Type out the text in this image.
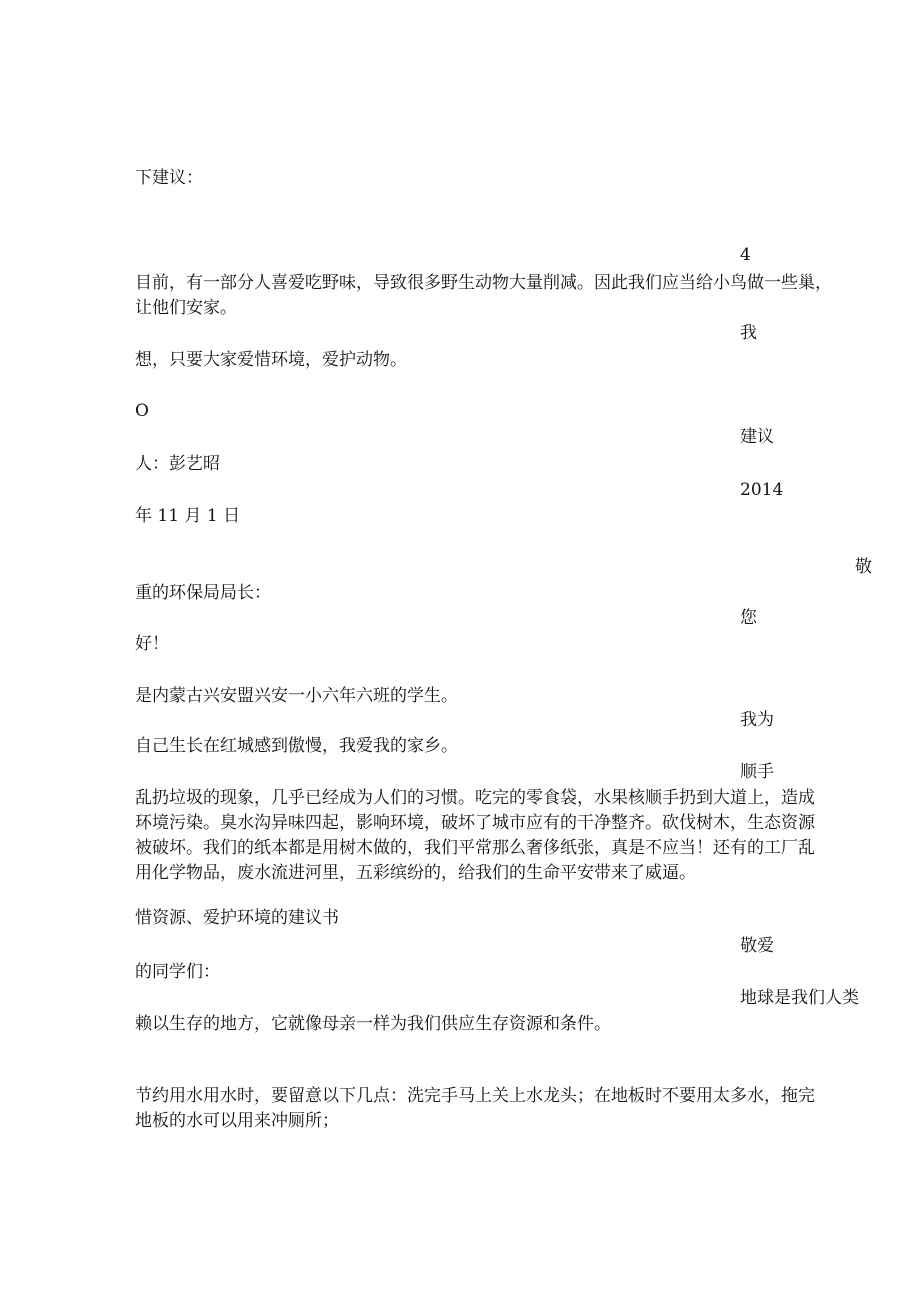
下建议：
4
目前，有一部分人喜爱吃野味，导致很多野生动物大量削减。因此我们应当给小鸟做一些巢，
让他们安家。
我
想，只要大家爱惜环境，爱护动物。
O
建议
人：彭艺昭
2014
年 11 月 1 日
敬
重的环保局局长：
您
好！
是内蒙古兴安盟兴安一小六年六班的学生。
我为
自己生长在红城感到傲慢，我爱我的家乡。
顺手
乱扔垃圾的现象，几乎已经成为人们的习惯。吃完的零食袋，水果核顺手扔到大道上，造成
环境污染。臭水沟异味四起，影响环境，破坏了城市应有的干净整齐。砍伐树木，生态资源
被破坏。我们的纸本都是用树木做的，我们平常那么奢侈纸张，真是不应当！还有的工厂乱
用化学物品，废水流进河里，五彩缤纷的，给我们的生命平安带来了威逼。
惜资源、爱护环境的建议书
敬爱
的同学们：
地球是我们人类
赖以生存的地方，它就像母亲一样为我们供应生存资源和条件。
节约用水用水时，要留意以下几点：洗完手马上关上水龙头；在地板时不要用太多水，拖完
地板的水可以用来冲厕所；
